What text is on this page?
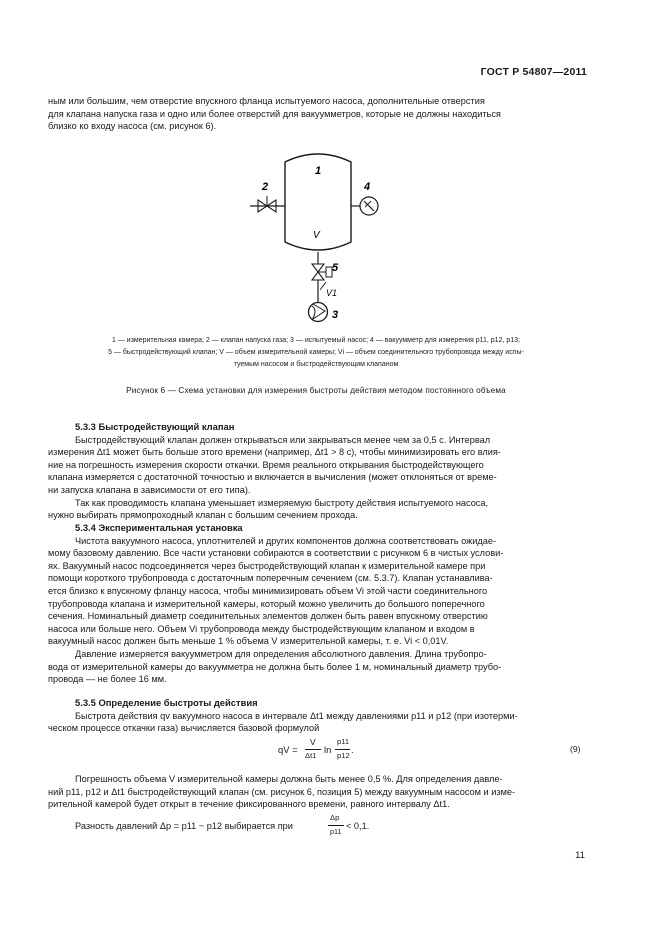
ГОСТ Р 54807—2011

ным или большим, чем отверстие впускного фланца испытуемого насоса, дополнительные отверстия

для клапана напуска газа и одно или более отверстий для вакуумметров, которые не должны находиться

близко ко входу насоса (см. рисунок 6).

1
V
2	4
5
V1
3

1 — измерительная камера; 2 — клапан напуска газа; 3 — испытуемый насос; 4 — вакуумметр для измерения p11, p12, p13;

5 — быстродействующий клапан; V — объем измерительной камеры; Vi — объем соединительного трубопровода между испы-

туемым насосом и быстродействующим клапаном

Рисунок 6 — Схема установки для измерения быстроты действия методом постоянного объема

5.3.3 Быстродействующий клапан

Быстродействующий клапан должен открываться или закрываться менее чем за 0,5 с. Интервал

измерения Δt1 может быть больше этого времени (например, Δt1 > 8 с), чтобы минимизировать его влия-

ние на погрешность измерения скорости откачки. Время реального открывания быстродействующего

клапана измеряется с достаточной точностью и включается в вычисления (может отклоняться от време-

ни запуска клапана в зависимости от его типа).

Так как проводимость клапана уменьшает измеряемую быстроту действия испытуемого насоса,

нужно выбирать прямопроходный клапан с большим сечением прохода.

5.3.4 Экспериментальная установка

Чистота вакуумного насоса, уплотнителей и других компонентов должна соответствовать ожидае-

мому базовому давлению. Все части установки собираются в соответствии с рисунком 6 в чистых услови-

ях. Вакуумный насос подсоединяется через быстродействующий клапан к измерительной камере при

помощи короткого трубопровода с достаточным поперечным сечением (см. 5.3.7). Клапан устанавлива-

ется близко к впускному фланцу насоса, чтобы минимизировать объем Vi этой части соединительного

трубопровода клапана и измерительной камеры, который можно увеличить до большого поперечного

сечения. Номинальный диаметр соединительных элементов должен быть равен впускному отверстию

насоса или больше него. Объем Vi трубопровода между быстродействующим клапаном и входом в

вакуумный насос должен быть меньше 1 % объема V измерительной камеры, т. е. Vi < 0,01V.

Давление измеряется вакуумметром для определения абсолютного давления. Длина трубопро-

вода от измерительной камеры до вакуумметра не должна быть более 1 м, номинальный диаметр трубо-

провода — не более 16 мм.

5.3.5 Определение быстроты действия

Быстрота действия qv вакуумного насоса в интервале Δt1 между давлениями p11 и p12 (при изотерми-

ческом процессе откачки газа) вычисляется базовой формулой

qV =
V
Δt1
ln
p11
p12
.	(9)

Погрешность объема V измерительной камеры должна быть менее 0,5 %. Для определения давле-

ний p11, p12 и Δt1 быстродействующий клапан (см. рисунок 6, позиция 5) между вакуумным насосом и изме-

рительной камерой будет открыт в течение фиксированного времени, равного интервалу Δt1.

Разность давлений Δp = p11 − p12 выбирается при
Δp
p11
< 0,1.
11
